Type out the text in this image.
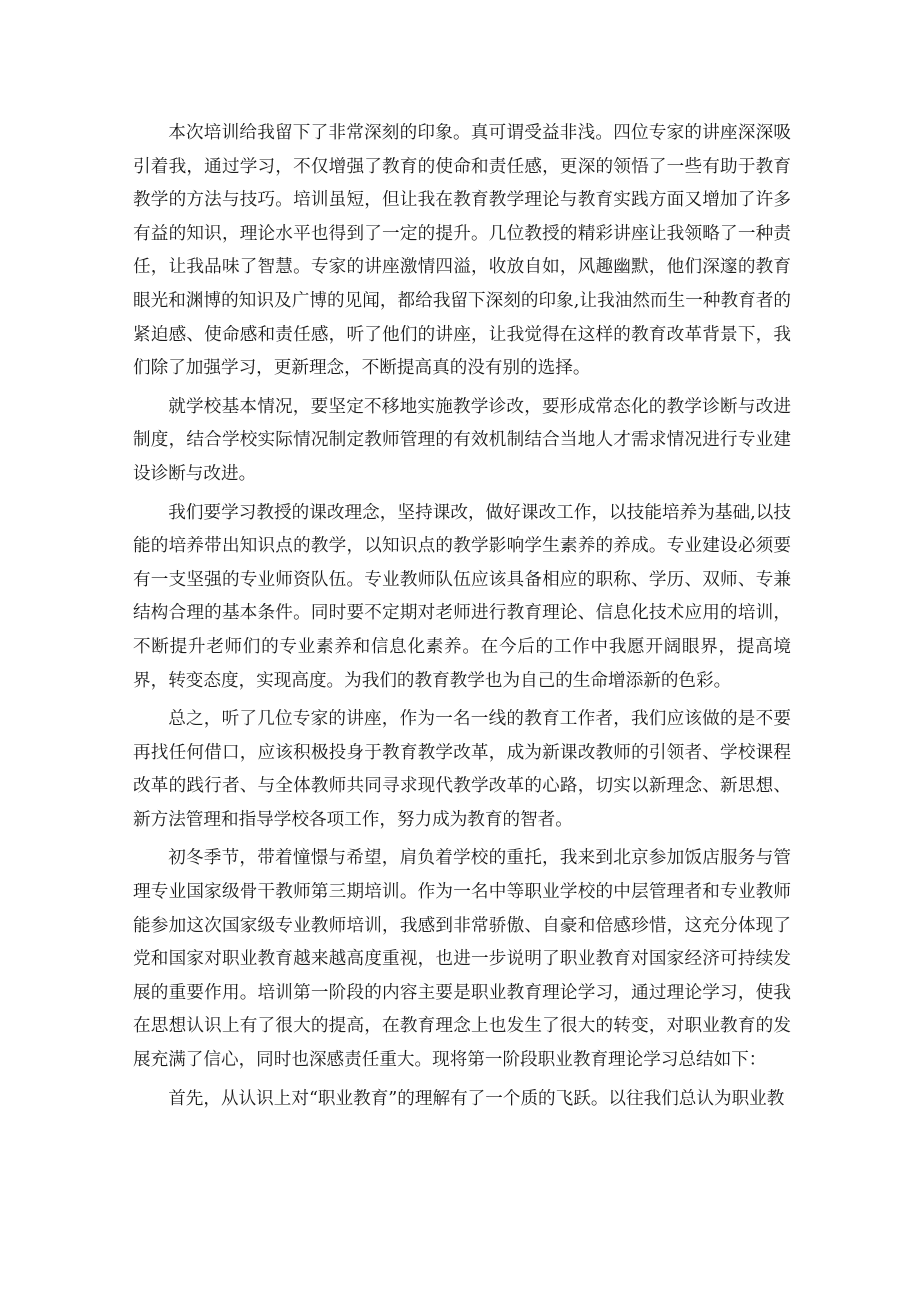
本次培训给我留下了非常深刻的印象。真可谓受益非浅。四位专家的讲座深深吸引着我，通过学习，不仅增强了教育的使命和责任感，更深的领悟了一些有助于教育教学的方法与技巧。培训虽短，但让我在教育教学理论与教育实践方面又增加了许多有益的知识，理论水平也得到了一定的提升。几位教授的精彩讲座让我领略了一种责任，让我品味了智慧。专家的讲座激情四溢，收放自如，风趣幽默，他们深邃的教育眼光和渊博的知识及广博的见闻，都给我留下深刻的印象,让我油然而生一种教育者的紧迫感、使命感和责任感，听了他们的讲座，让我觉得在这样的教育改革背景下，我们除了加强学习，更新理念，不断提高真的没有别的选择。

就学校基本情况，要坚定不移地实施教学诊改，要形成常态化的教学诊断与改进制度，结合学校实际情况制定教师管理的有效机制结合当地人才需求情况进行专业建设诊断与改进。

我们要学习教授的课改理念，坚持课改，做好课改工作，以技能培养为基础,以技能的培养带出知识点的教学，以知识点的教学影响学生素养的养成。专业建设必须要有一支坚强的专业师资队伍。专业教师队伍应该具备相应的职称、学历、双师、专兼结构合理的基本条件。同时要不定期对老师进行教育理论、信息化技术应用的培训，不断提升老师们的专业素养和信息化素养。在今后的工作中我愿开阔眼界，提高境界，转变态度，实现高度。为我们的教育教学也为自己的生命增添新的色彩。

总之，听了几位专家的讲座，作为一名一线的教育工作者，我们应该做的是不要再找任何借口，应该积极投身于教育教学改革，成为新课改教师的引领者、学校课程改革的践行者、与全体教师共同寻求现代教学改革的心路，切实以新理念、新思想、新方法管理和指导学校各项工作，努力成为教育的智者。

初冬季节，带着憧憬与希望，肩负着学校的重托，我来到北京参加饭店服务与管理专业国家级骨干教师第三期培训。作为一名中等职业学校的中层管理者和专业教师能参加这次国家级专业教师培训，我感到非常骄傲、自豪和倍感珍惜，这充分体现了党和国家对职业教育越来越高度重视，也进一步说明了职业教育对国家经济可持续发展的重要作用。培训第一阶段的内容主要是职业教育理论学习，通过理论学习，使我在思想认识上有了很大的提高，在教育理念上也发生了很大的转变，对职业教育的发展充满了信心，同时也深感责任重大。现将第一阶段职业教育理论学习总结如下：

首先，从认识上对“职业教育”的理解有了一个质的飞跃。以往我们总认为职业教
